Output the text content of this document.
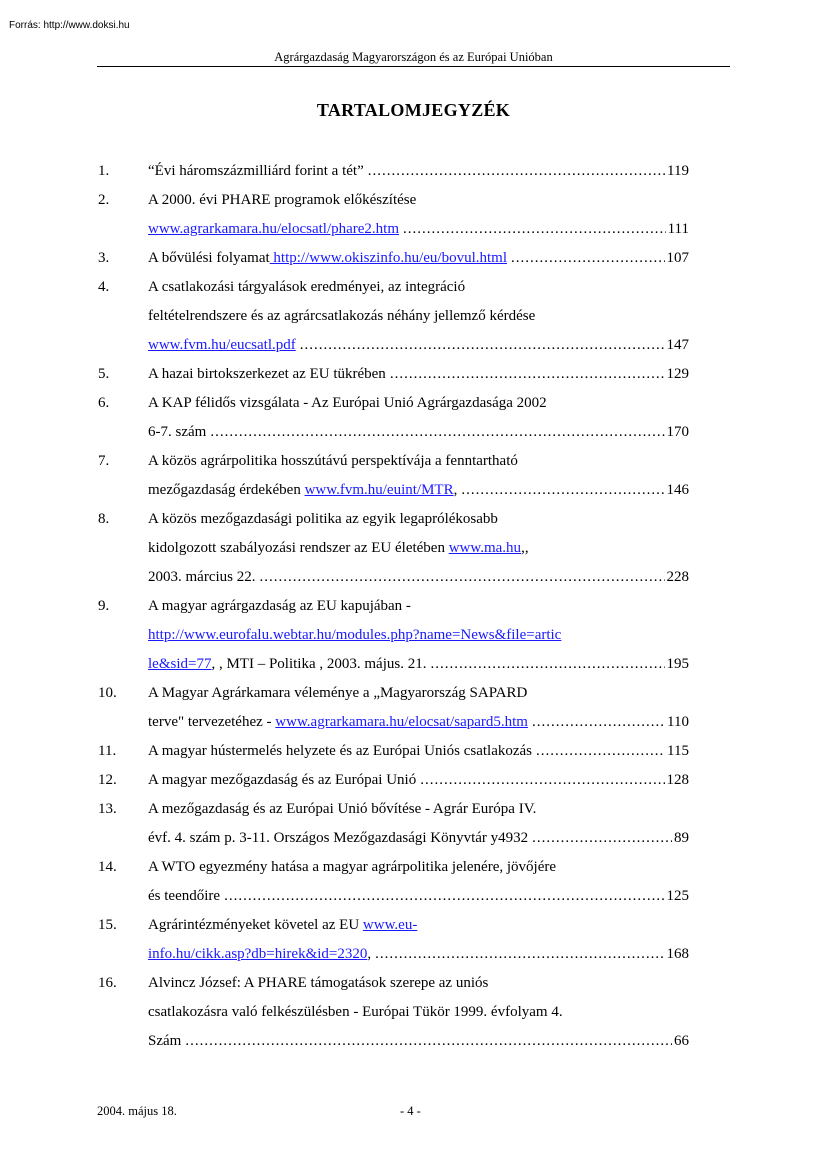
Forrás: http://www.doksi.hu
Agrárgazdaság Magyarországon és az Európai Unióban
TARTALOMJEGYZÉK
1.	“Évi háromszázmilliárd forint a tét” .....	119
2.	A 2000. évi PHARE programok előkészítése
www.agrarkamara.hu/elocsatl/phare2.htm .....	111
3.	A bővülési folyamat http://www.okiszinfo.hu/eu/bovul.html .....	107
4.	A csatlakozási tárgyalások eredményei, az integráció
feltételrendszere és az agrárcsatlakozás néhány jellemző kérdése
www.fvm.hu/eucsatl.pdf .....	147
5.	A hazai birtokszerkezet az EU tükrében .....	129
6.	A KAP félidős vizsgálata - Az Európai Unió Agrárgazdasága 2002
6-7. szám .....	170
7.	A közös agrárpolitika hosszútávú perspektívája a fenntartható
mezőgazdaság érdekében www.fvm.hu/euint/MTR, .....	146
8.	A közös mezőgazdasági politika az egyik legaprólékosabb
kidolgozott szabályozási rendszer az EU életében www.ma.hu,,
2003. március 22. .....	228
9.	A magyar agrárgazdaság az EU kapujában -
http://www.eurofalu.webtar.hu/modules.php?name=News&file=artic
le&sid=77, , MTI – Politika , 2003. május. 21. .....	195
10. A Magyar Agrárkamara véleménye a „Magyarország SAPARD
terve" tervezetéhez - www.agrarkamara.hu/elocsat/sapard5.htm .....	110
11. A magyar hústermelés helyzete és az Európai Uniós csatlakozás .....	115
12. A magyar mezőgazdaság és az Európai Unió .....	128
13. A mezőgazdaság és az Európai Unió bővítése - Agrár Európa IV.
évf. 4. szám p. 3-11. Országos Mezőgazdasági Könyvtár y4932 .....	89
14. A WTO egyezmény hatása a magyar agrárpolitika jelenére, jövőjére
és teendőire .....	125
15. Agrárintézményeket követel az EU www.eu-
info.hu/cikk.asp?db=hirek&id=2320, .....	168
16. Alvincz József: A PHARE támogatások szerepe az uniós
csatlakozásra való felkészülésben - Európai Tükör 1999. évfolyam 4.
Szám .....	66
2004. május 18.	- 4 -
